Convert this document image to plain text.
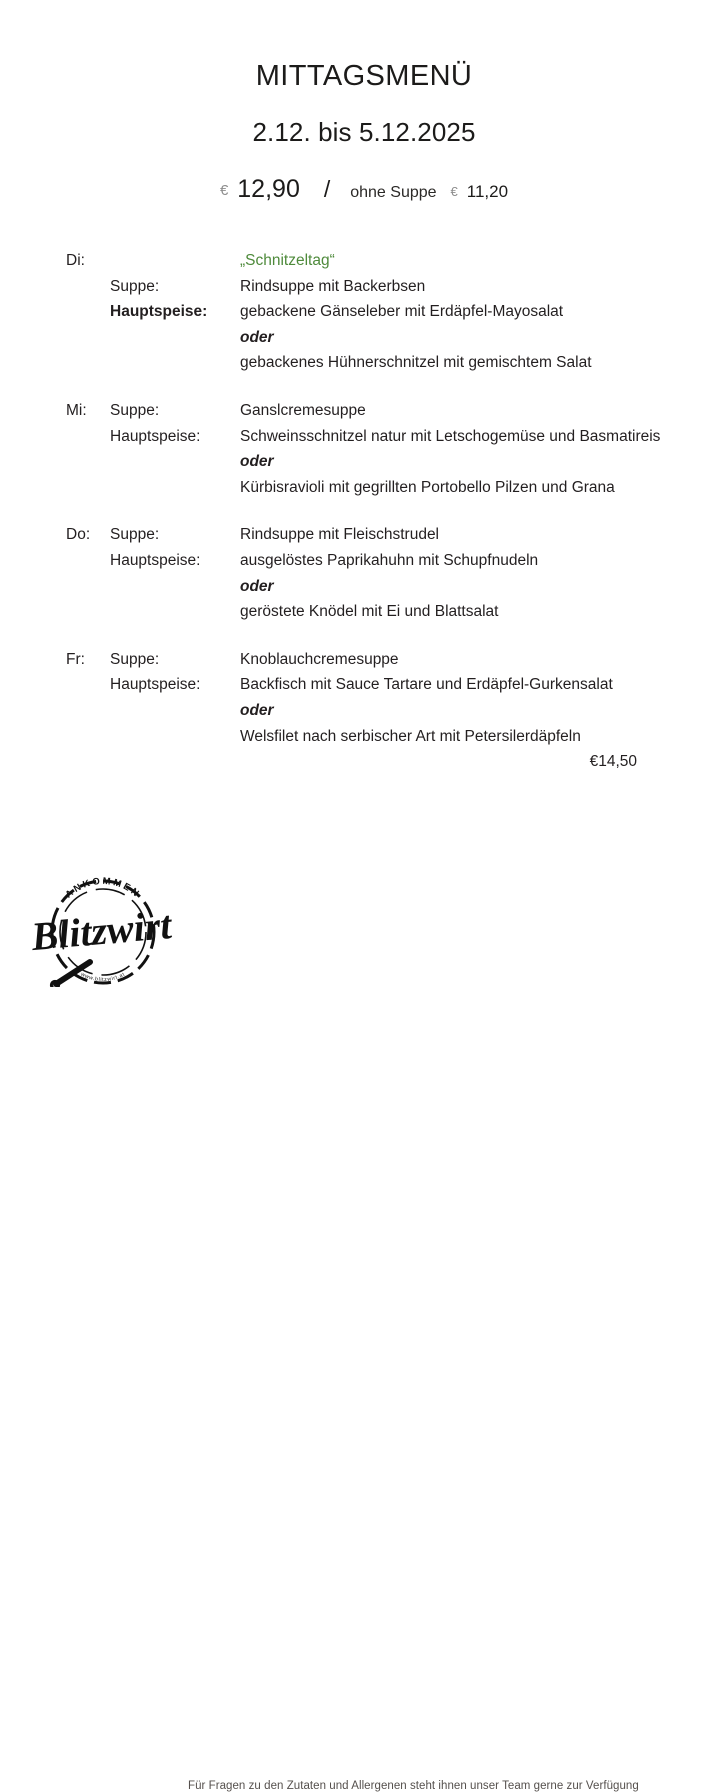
MITTAGSMENÜ
2.12. bis 5.12.2025
€ 12,90 / ohne Suppe € 11,20
Di:	„Schnitzeltag“
Suppe:	Rindsuppe mit Backerbsen
Hauptspeise:	gebackene Gänseleber mit Erdäpfel-Mayosalat
oder
gebackenes Hühnerschnitzel mit gemischtem Salat
Mi:	Suppe:	Ganslcremesuppe
Hauptspeise:	Schweinsschnitzel natur mit Letschogemüse und Basmatireis
oder
Kürbisravioli mit gegrillten Portobello Pilzen und Grana
Do:	Suppe:	Rindsuppe mit Fleischstrudel
Hauptspeise:	ausgelöstes Paprikahuhn mit Schupfnudeln
oder
geröstete Knödel mit Ei und Blattsalat
Fr:	Suppe:	Knoblauchcremesuppe
Hauptspeise:	Backfisch mit Sauce Tartare und Erdäpfel-Gurkensalat
oder
Welsfilet nach serbischer Art mit Petersilerdäpfeln
€14,50
ANKOMMEN
www.blitzwirt.at
Blitzwirt
Für Fragen zu den Zutaten und Allergenen steht ihnen unser Team gerne zur Verfügung
